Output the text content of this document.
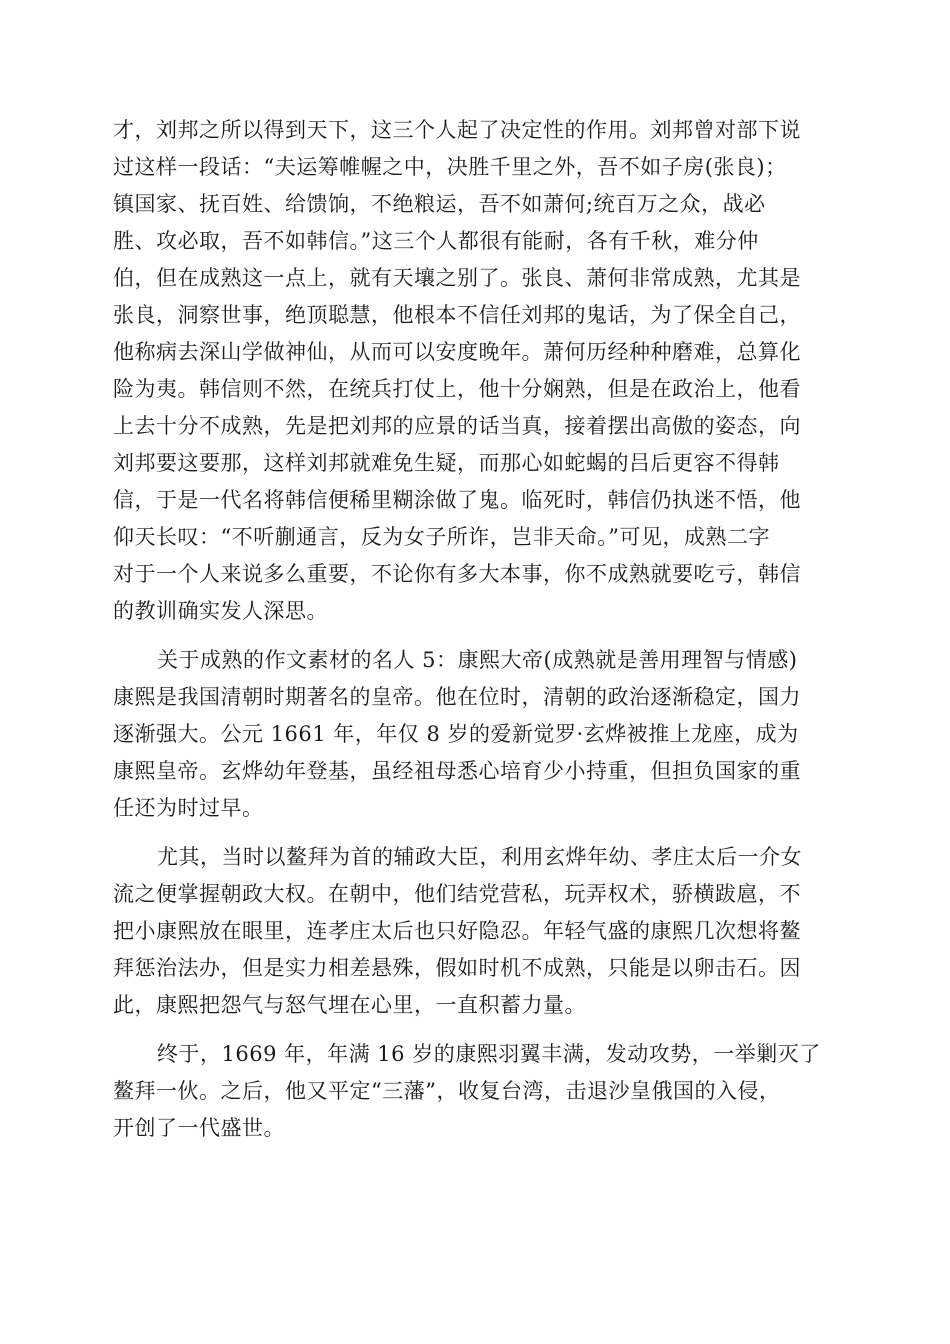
才，刘邦之所以得到天下，这三个人起了决定性的作用。刘邦曾对部下说
过这样一段话：“夫运筹帷幄之中，决胜千里之外，吾不如子房(张良)；
镇国家、抚百姓、给馈饷，不绝粮运，吾不如萧何;统百万之众，战必
胜、攻必取，吾不如韩信。”这三个人都很有能耐，各有千秋，难分仲
伯，但在成熟这一点上，就有天壤之别了。张良、萧何非常成熟，尤其是
张良，洞察世事，绝顶聪慧，他根本不信任刘邦的鬼话，为了保全自己，
他称病去深山学做神仙，从而可以安度晚年。萧何历经种种磨难，总算化
险为夷。韩信则不然，在统兵打仗上，他十分娴熟，但是在政治上，他看
上去十分不成熟，先是把刘邦的应景的话当真，接着摆出高傲的姿态，向
刘邦要这要那，这样刘邦就难免生疑，而那心如蛇蝎的吕后更容不得韩
信，于是一代名将韩信便稀里糊涂做了鬼。临死时，韩信仍执迷不悟，他
仰天长叹：“不听蒯通言，反为女子所诈，岂非天命。”可见，成熟二字
对于一个人来说多么重要，不论你有多大本事，你不成熟就要吃亏，韩信
的教训确实发人深思。
关于成熟的作文素材的名人 5：康熙大帝(成熟就是善用理智与情感)
康熙是我国清朝时期著名的皇帝。他在位时，清朝的政治逐渐稳定，国力
逐渐强大。公元 1661 年，年仅 8 岁的爱新觉罗·玄烨被推上龙座，成为
康熙皇帝。玄烨幼年登基，虽经祖母悉心培育少小持重，但担负国家的重
任还为时过早。
尤其，当时以鳌拜为首的辅政大臣，利用玄烨年幼、孝庄太后一介女
流之便掌握朝政大权。在朝中，他们结党营私，玩弄权术，骄横跋扈，不
把小康熙放在眼里，连孝庄太后也只好隐忍。年轻气盛的康熙几次想将鳌
拜惩治法办，但是实力相差悬殊，假如时机不成熟，只能是以卵击石。因
此，康熙把怨气与怒气埋在心里，一直积蓄力量。
终于，1669 年，年满 16 岁的康熙羽翼丰满，发动攻势，一举剿灭了
鳌拜一伙。之后，他又平定“三藩”，收复台湾，击退沙皇俄国的入侵，
开创了一代盛世。
